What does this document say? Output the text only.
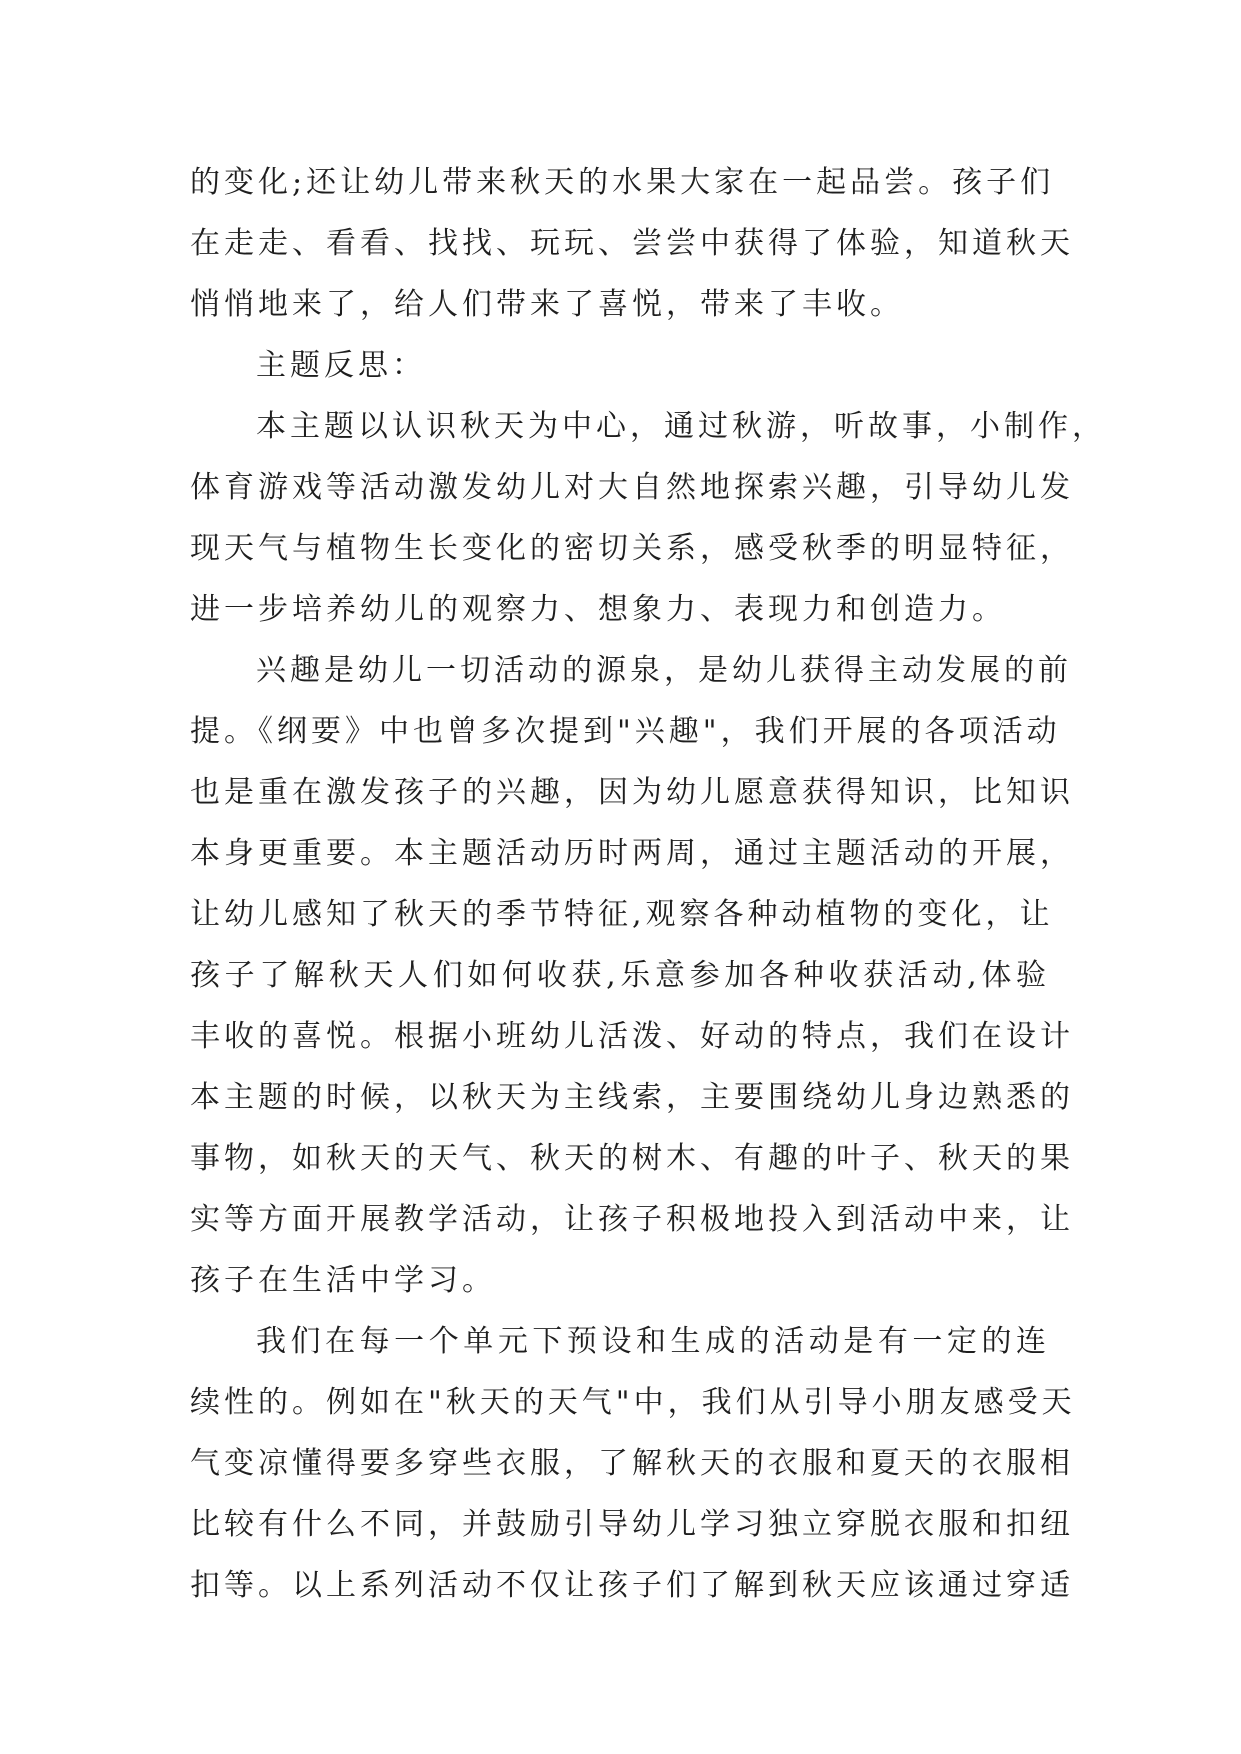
的变化;还让幼儿带来秋天的水果大家在一起品尝。孩子们
在走走、看看、找找、玩玩、尝尝中获得了体验，知道秋天
悄悄地来了，给人们带来了喜悦，带来了丰收。
主题反思：
本主题以认识秋天为中心，通过秋游，听故事，小制作，
体育游戏等活动激发幼儿对大自然地探索兴趣，引导幼儿发
现天气与植物生长变化的密切关系，感受秋季的明显特征，
进一步培养幼儿的观察力、想象力、表现力和创造力。
兴趣是幼儿一切活动的源泉，是幼儿获得主动发展的前
提。《纲要》中也曾多次提到"兴趣"，我们开展的各项活动
也是重在激发孩子的兴趣，因为幼儿愿意获得知识，比知识
本身更重要。本主题活动历时两周，通过主题活动的开展，
让幼儿感知了秋天的季节特征,观察各种动植物的变化，让
孩子了解秋天人们如何收获,乐意参加各种收获活动,体验
丰收的喜悦。根据小班幼儿活泼、好动的特点，我们在设计
本主题的时候，以秋天为主线索，主要围绕幼儿身边熟悉的
事物，如秋天的天气、秋天的树木、有趣的叶子、秋天的果
实等方面开展教学活动，让孩子积极地投入到活动中来，让
孩子在生活中学习。
我们在每一个单元下预设和生成的活动是有一定的连
续性的。例如在"秋天的天气"中，我们从引导小朋友感受天
气变凉懂得要多穿些衣服，了解秋天的衣服和夏天的衣服相
比较有什么不同，并鼓励引导幼儿学习独立穿脱衣服和扣纽
扣等。以上系列活动不仅让孩子们了解到秋天应该通过穿适
